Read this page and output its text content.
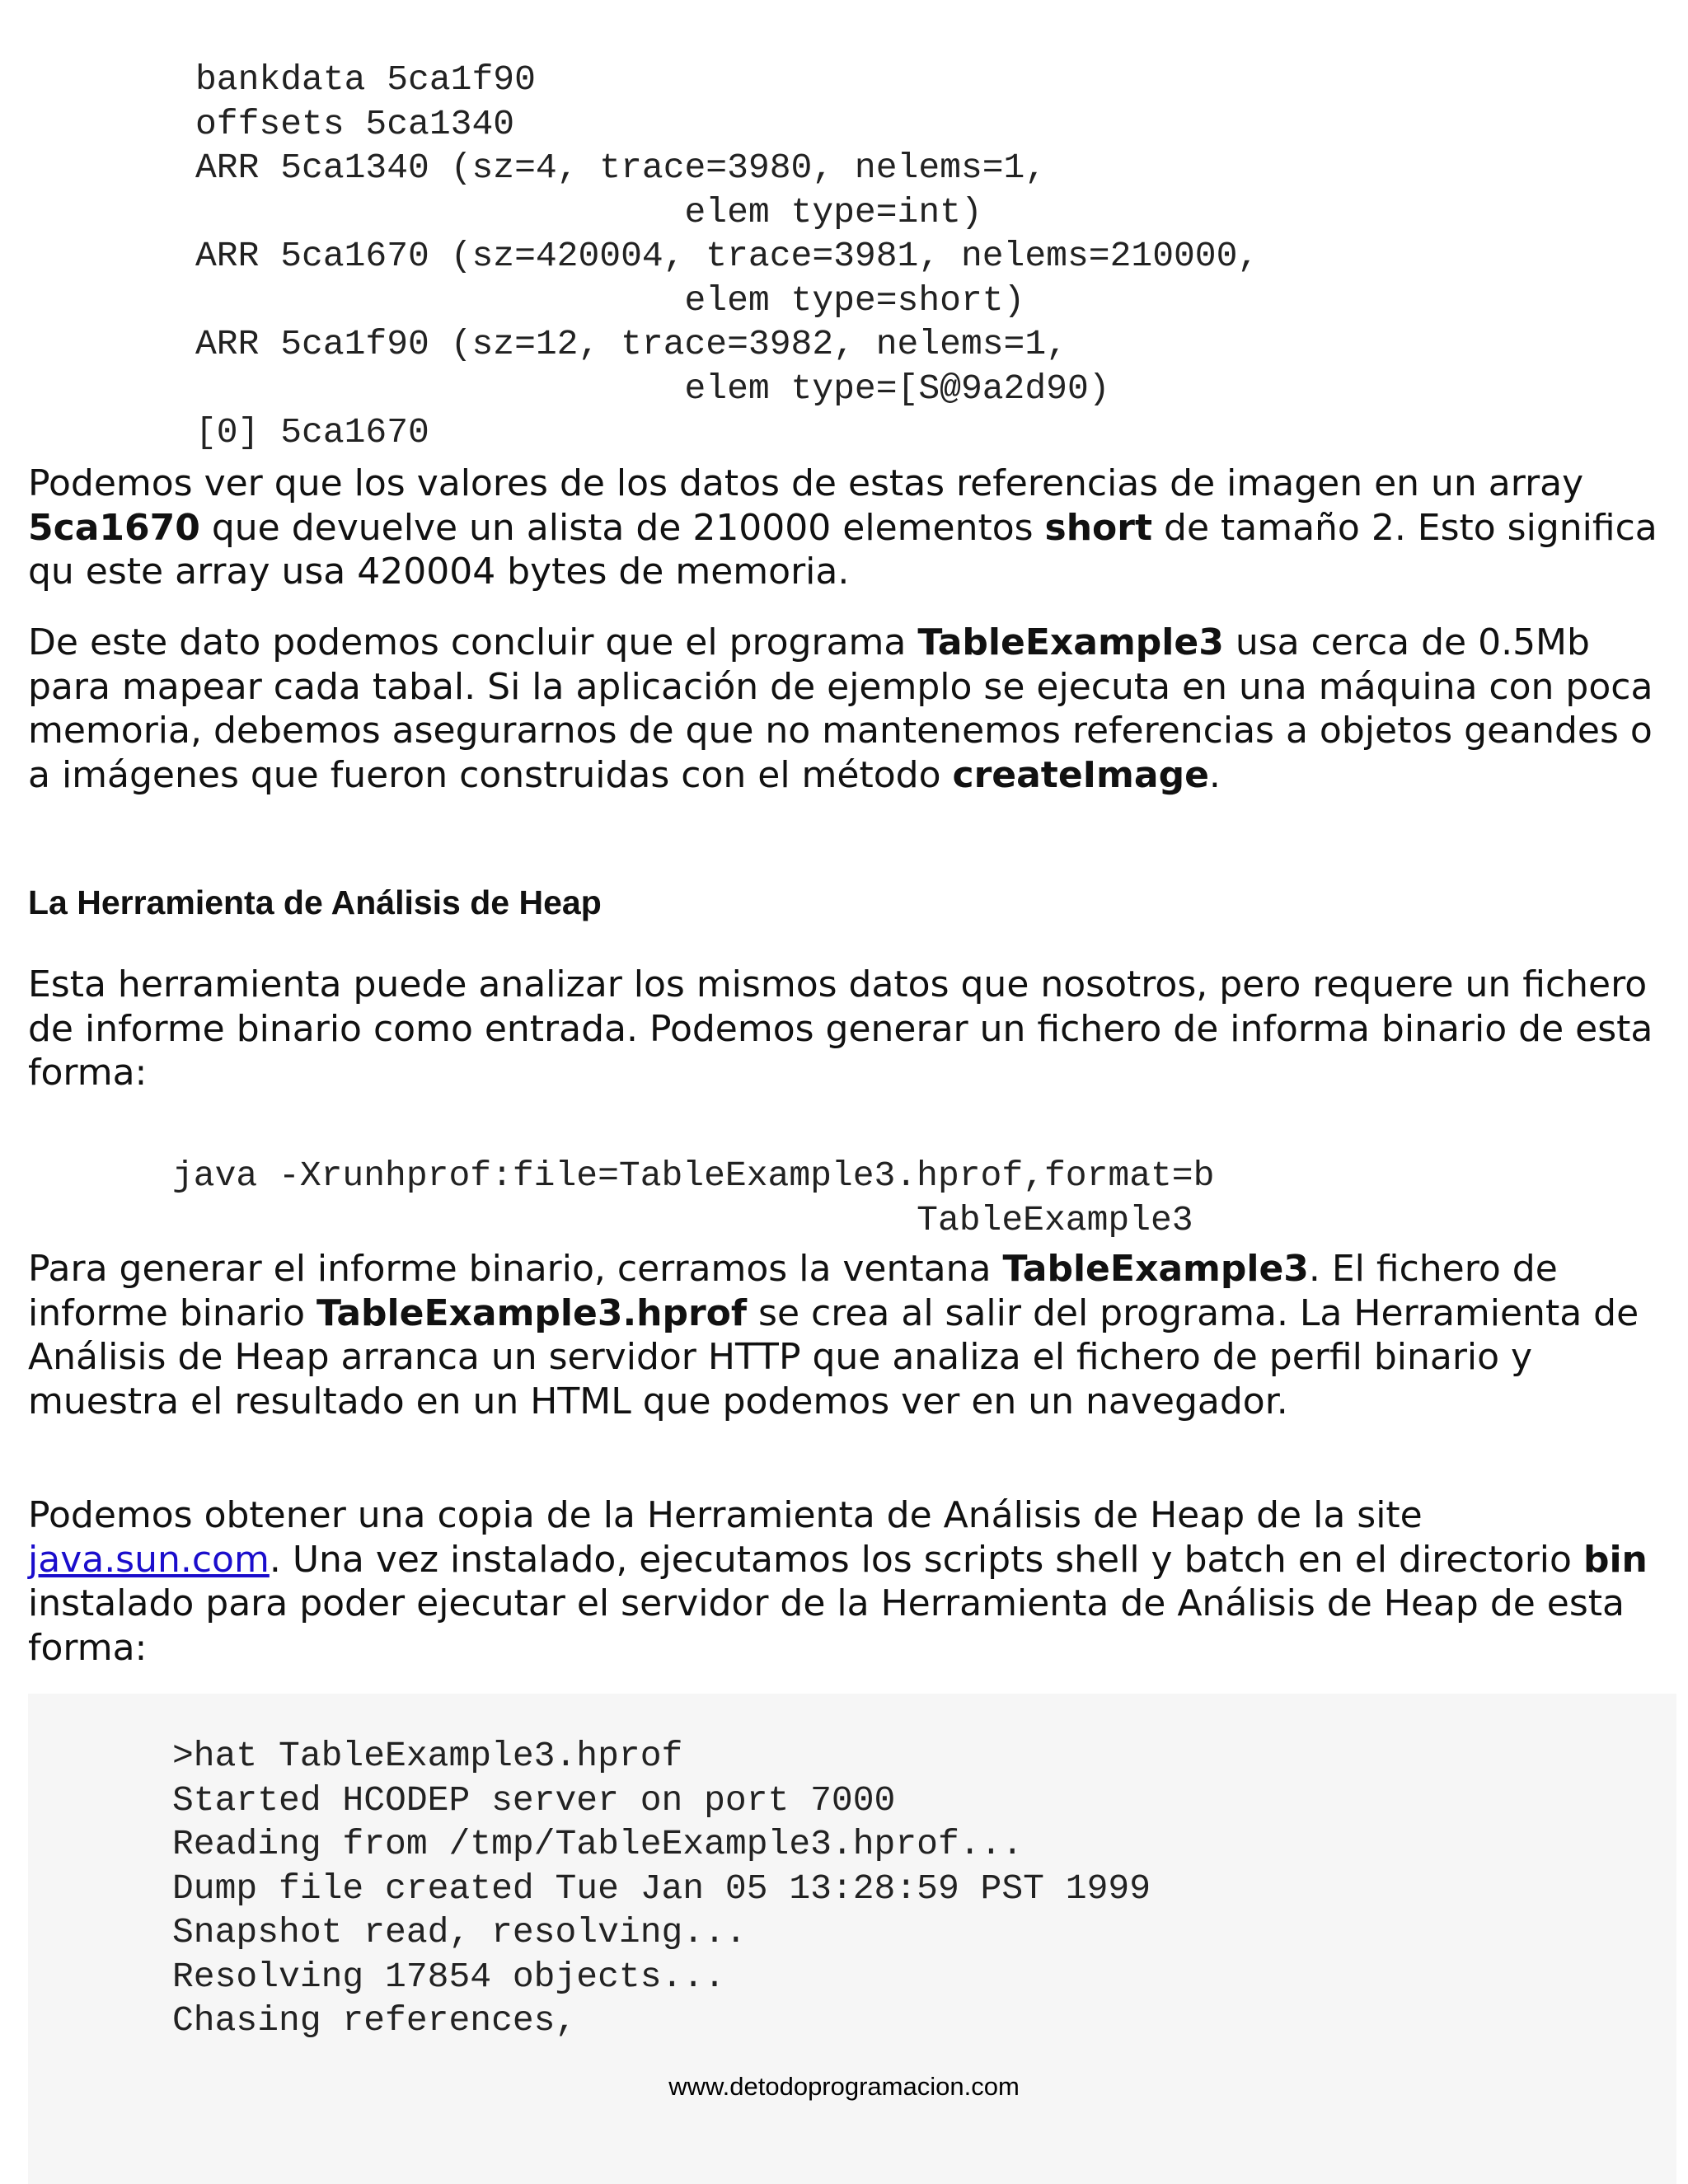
bankdata 5ca1f90
offsets 5ca1340
ARR 5ca1340 (sz=4, trace=3980, nelems=1,
elem type=int)
ARR 5ca1670 (sz=420004, trace=3981, nelems=210000,
elem type=short)
ARR 5ca1f90 (sz=12, trace=3982, nelems=1,
elem type=[S@9a2d90)
[0] 5ca1670

Podemos ver que los valores de los datos de estas referencias de imagen en un array 5ca1670 que devuelve un alista de 210000 elementos short de tamaño 2. Esto significa qu este array usa 420004 bytes de memoria.

De este dato podemos concluir que el programa TableExample3 usa cerca de 0.5Mb para mapear cada tabal. Si la aplicación de ejemplo se ejecuta en una máquina con poca memoria, debemos asegurarnos de que no mantenemos referencias a objetos geandes o a imágenes que fueron construidas con el método createImage.

La Herramienta de Análisis de Heap

Esta herramienta puede analizar los mismos datos que nosotros, pero requere un fichero de informe binario como entrada. Podemos generar un fichero de informa binario de esta forma:

java -Xrunhprof:file=TableExample3.hprof,format=b
TableExample3

Para generar el informe binario, cerramos la ventana TableExample3. El fichero de informe binario TableExample3.hprof se crea al salir del programa. La Herramienta de Análisis de Heap arranca un servidor HTTP que analiza el fichero de perfil binario y muestra el resultado en un HTML que podemos ver en un navegador.

Podemos obtener una copia de la Herramienta de Análisis de Heap de la site java.sun.com. Una vez instalado, ejecutamos los scripts shell y batch en el directorio bin instalado para poder ejecutar el servidor de la Herramienta de Análisis de Heap de esta forma:

>hat TableExample3.hprof
Started HCODEP server on port 7000
Reading from /tmp/TableExample3.hprof...
Dump file created Tue Jan 05 13:28:59 PST 1999
Snapshot read, resolving...
Resolving 17854 objects...
Chasing references,
www.detodoprogramacion.com
